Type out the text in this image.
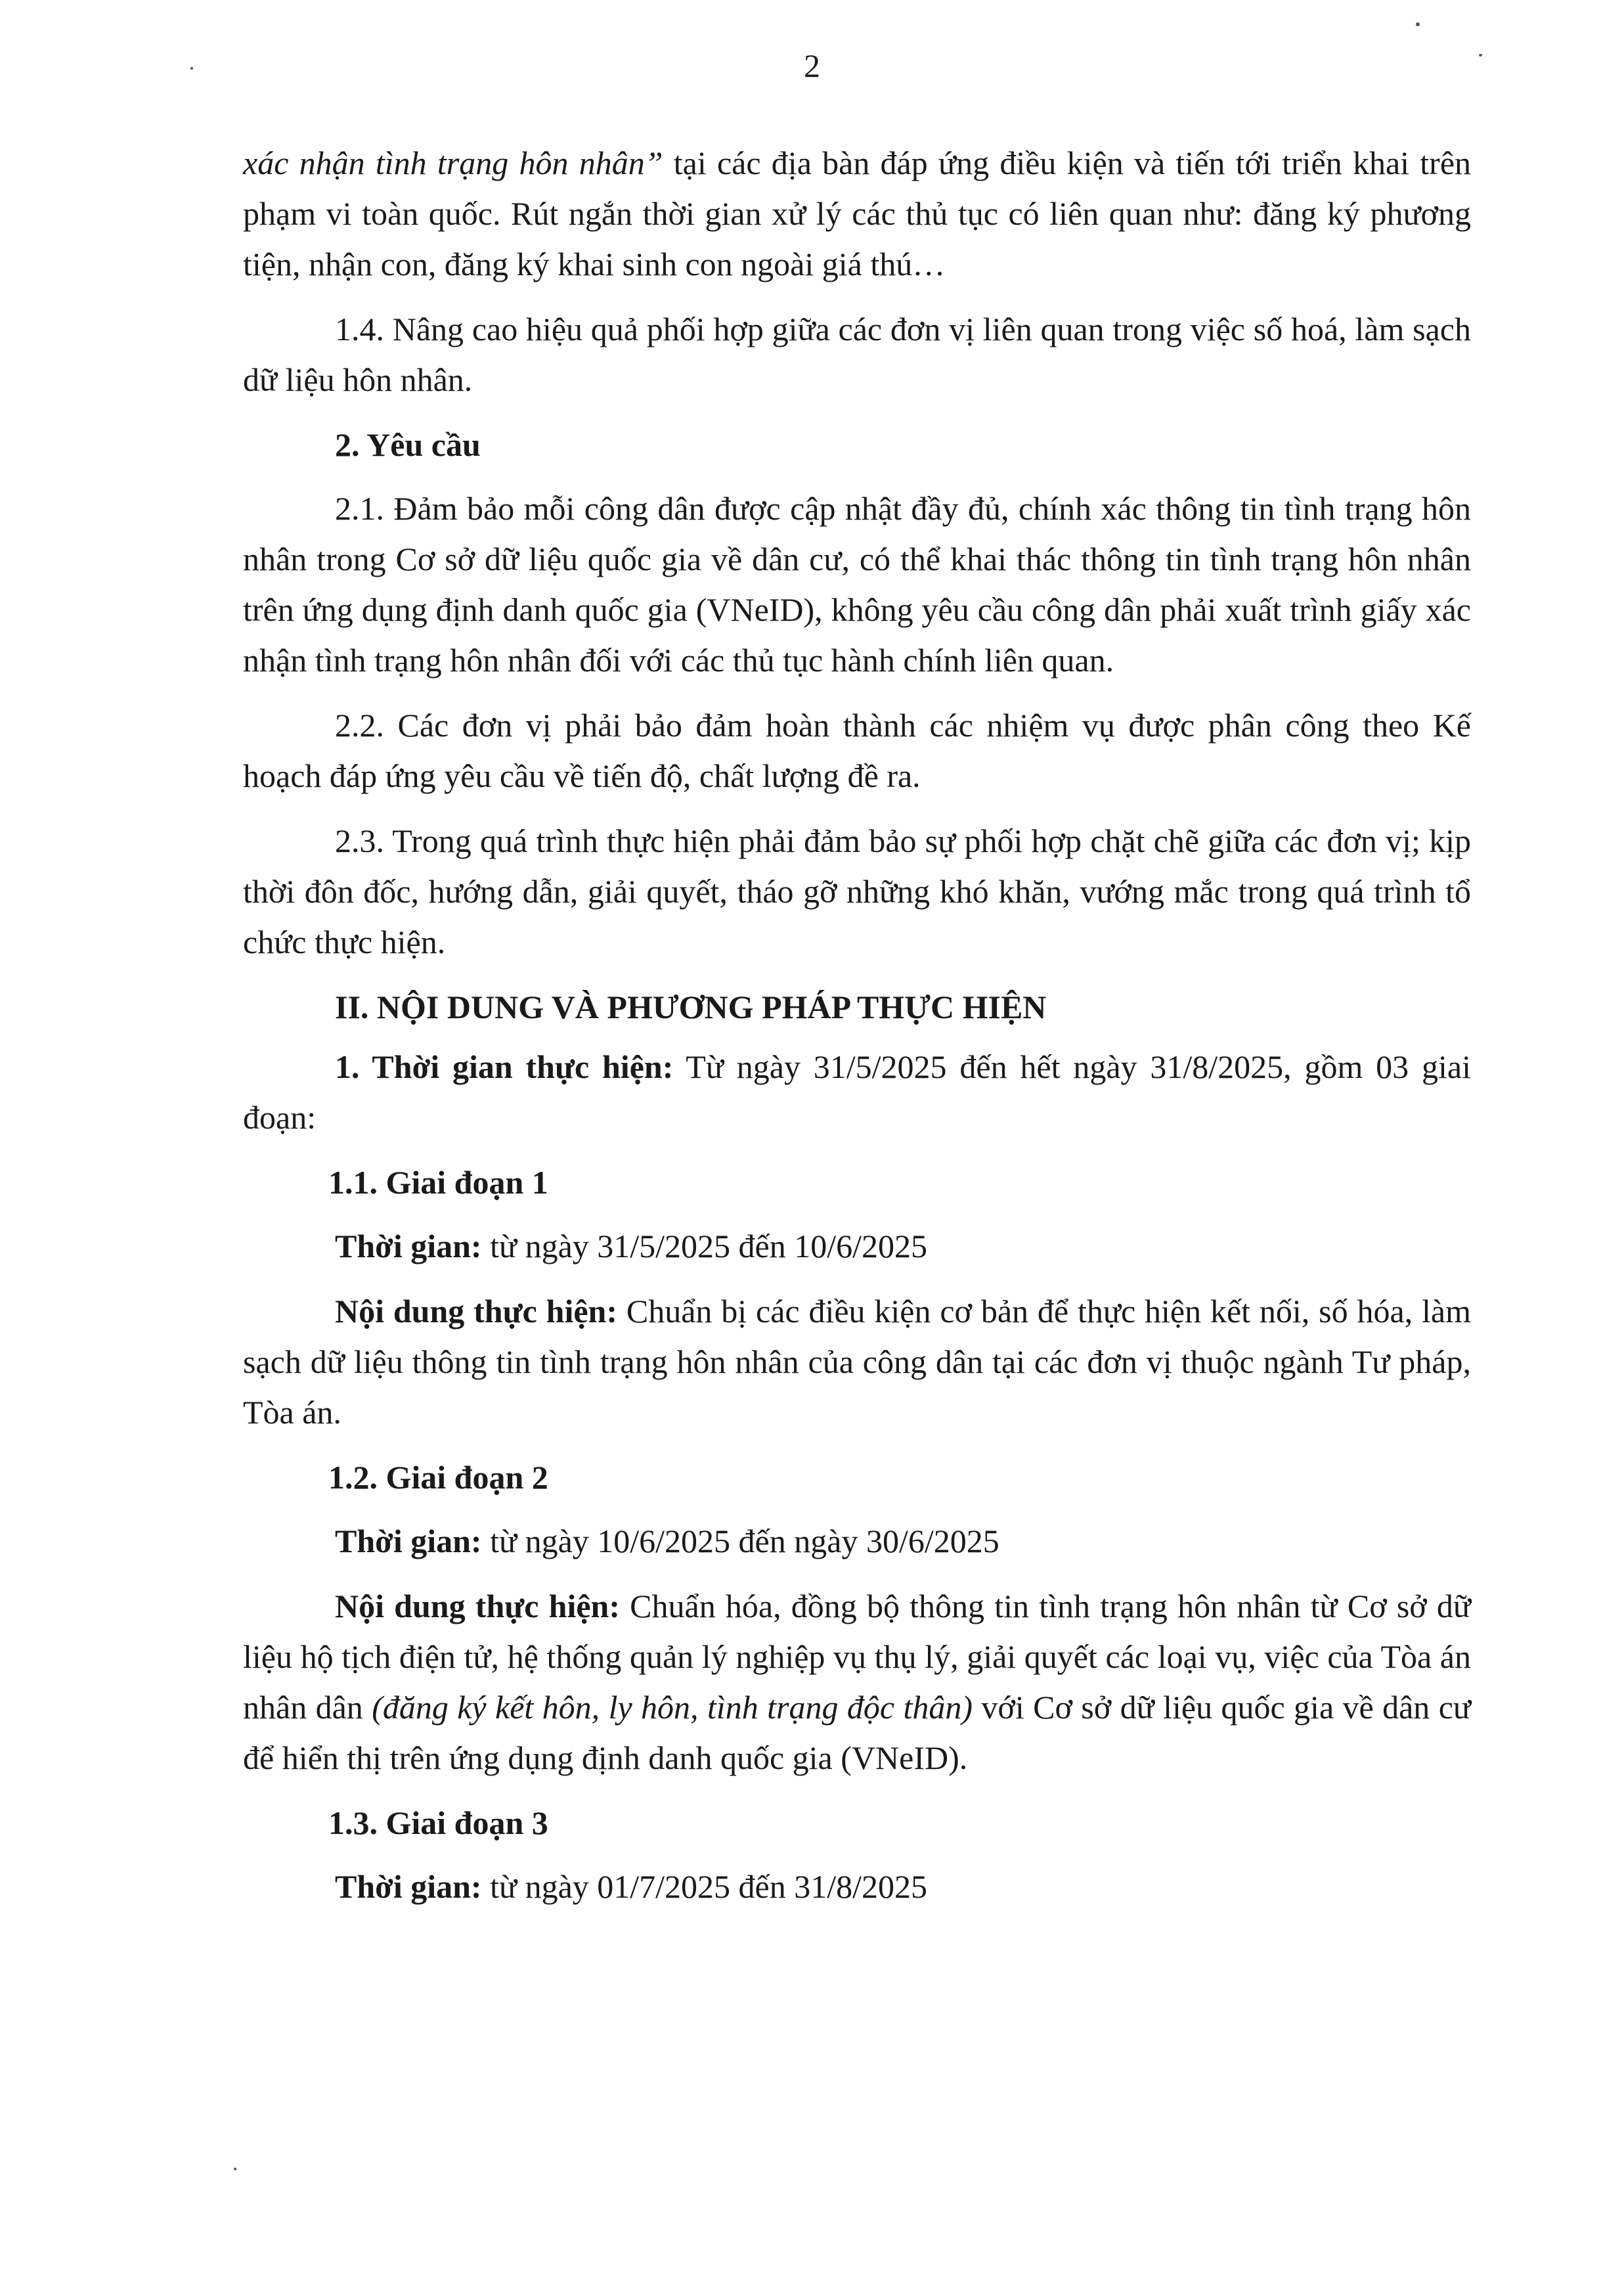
2

xác nhận tình trạng hôn nhân” tại các địa bàn đáp ứng điều kiện và tiến tới triển khai trên phạm vi toàn quốc. Rút ngắn thời gian xử lý các thủ tục có liên quan như: đăng ký phương tiện, nhận con, đăng ký khai sinh con ngoài giá thú…

1.4. Nâng cao hiệu quả phối hợp giữa các đơn vị liên quan trong việc số hoá, làm sạch dữ liệu hôn nhân.

2. Yêu cầu

2.1. Đảm bảo mỗi công dân được cập nhật đầy đủ, chính xác thông tin tình trạng hôn nhân trong Cơ sở dữ liệu quốc gia về dân cư, có thể khai thác thông tin tình trạng hôn nhân trên ứng dụng định danh quốc gia (VNeID), không yêu cầu công dân phải xuất trình giấy xác nhận tình trạng hôn nhân đối với các thủ tục hành chính liên quan.

2.2. Các đơn vị phải bảo đảm hoàn thành các nhiệm vụ được phân công theo Kế hoạch đáp ứng yêu cầu về tiến độ, chất lượng đề ra.

2.3. Trong quá trình thực hiện phải đảm bảo sự phối hợp chặt chẽ giữa các đơn vị; kịp thời đôn đốc, hướng dẫn, giải quyết, tháo gỡ những khó khăn, vướng mắc trong quá trình tổ chức thực hiện.

II. NỘI DUNG VÀ PHƯƠNG PHÁP THỰC HIỆN

1. Thời gian thực hiện: Từ ngày 31/5/2025 đến hết ngày 31/8/2025, gồm 03 giai đoạn:

1.1. Giai đoạn 1

Thời gian: từ ngày 31/5/2025 đến 10/6/2025

Nội dung thực hiện: Chuẩn bị các điều kiện cơ bản để thực hiện kết nối, số hóa, làm sạch dữ liệu thông tin tình trạng hôn nhân của công dân tại các đơn vị thuộc ngành Tư pháp, Tòa án.

1.2. Giai đoạn 2

Thời gian: từ ngày 10/6/2025 đến ngày 30/6/2025

Nội dung thực hiện: Chuẩn hóa, đồng bộ thông tin tình trạng hôn nhân từ Cơ sở dữ liệu hộ tịch điện tử, hệ thống quản lý nghiệp vụ thụ lý, giải quyết các loại vụ, việc của Tòa án nhân dân (đăng ký kết hôn, ly hôn, tình trạng độc thân) với Cơ sở dữ liệu quốc gia về dân cư để hiển thị trên ứng dụng định danh quốc gia (VNeID).

1.3. Giai đoạn 3

Thời gian: từ ngày 01/7/2025 đến 31/8/2025
